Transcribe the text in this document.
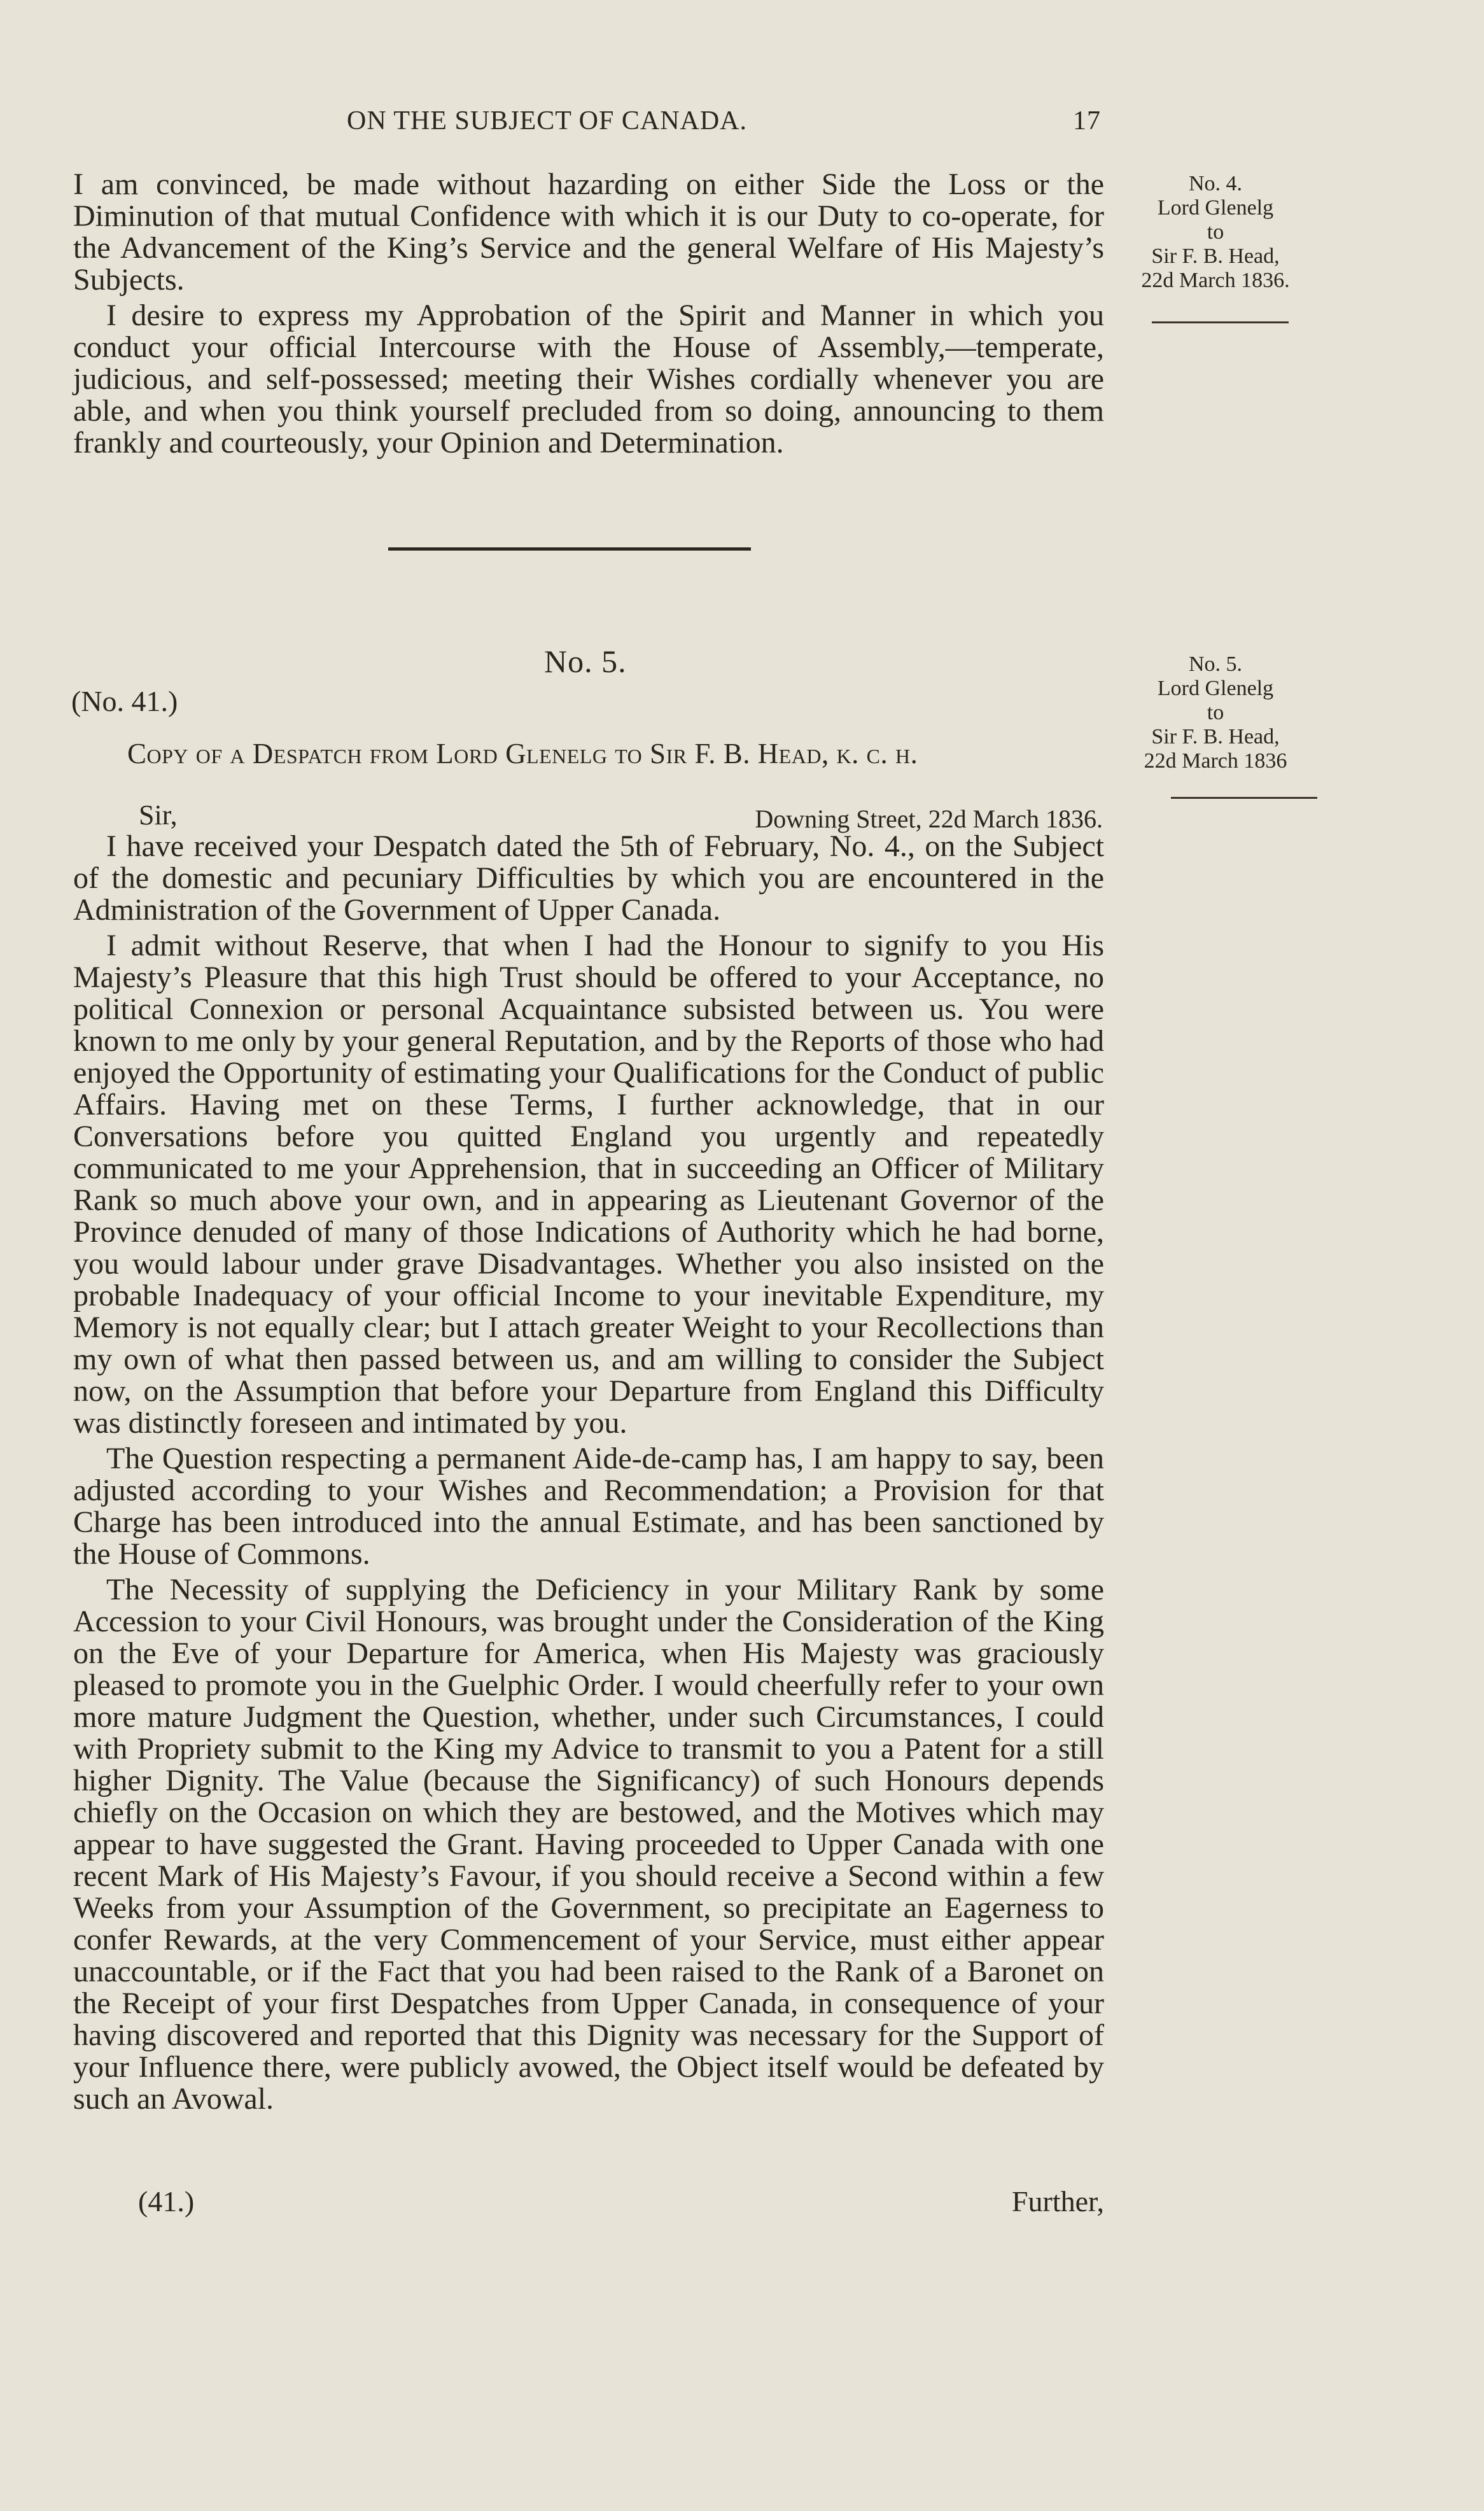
ON THE SUBJECT OF CANADA.	17

I am convinced, be made without hazarding on either Side the Loss or the Diminution of that mutual Confidence with which it is our Duty to co-operate, for the Advancement of the King’s Service and the general Welfare of His Majesty’s Subjects.

I desire to express my Approbation of the Spirit and Manner in which you conduct your official Intercourse with the House of Assembly,—temperate, judicious, and self-possessed; meeting their Wishes cordially whenever you are able, and when you think yourself precluded from so doing, announcing to them frankly and courteously, your Opinion and Determination.

No. 4.
Lord Glenelg
to
Sir F. B. Head,
22d March 1836.
No. 5.
(No. 41.)
Copy of a Despatch from Lord Glenelg to Sir F. B. Head, k. c. h.
No. 5.
Lord Glenelg
to
Sir F. B. Head,
22d March 1836
Sir,	Downing Street, 22d March 1836.

I have received your Despatch dated the 5th of February, No. 4., on the Subject of the domestic and pecuniary Difficulties by which you are encountered in the Administration of the Government of Upper Canada.

I admit without Reserve, that when I had the Honour to signify to you His Majesty’s Pleasure that this high Trust should be offered to your Acceptance, no political Connexion or personal Acquaintance subsisted between us. You were known to me only by your general Reputation, and by the Reports of those who had enjoyed the Opportunity of estimating your Qualifications for the Conduct of public Affairs. Having met on these Terms, I further acknowledge, that in our Conversations before you quitted England you urgently and repeatedly communicated to me your Apprehension, that in succeeding an Officer of Military Rank so much above your own, and in appearing as Lieutenant Governor of the Province denuded of many of those Indications of Authority which he had borne, you would labour under grave Disadvantages. Whether you also insisted on the probable Inadequacy of your official Income to your inevitable Expenditure, my Memory is not equally clear; but I attach greater Weight to your Recollections than my own of what then passed between us, and am willing to consider the Subject now, on the Assumption that before your Departure from England this Difficulty was distinctly foreseen and intimated by you.

The Question respecting a permanent Aide-de-camp has, I am happy to say, been adjusted according to your Wishes and Recommendation; a Provision for that Charge has been introduced into the annual Estimate, and has been sanctioned by the House of Commons.

The Necessity of supplying the Deficiency in your Military Rank by some Accession to your Civil Honours, was brought under the Consideration of the King on the Eve of your Departure for America, when His Majesty was graciously pleased to promote you in the Guelphic Order. I would cheerfully refer to your own more mature Judgment the Question, whether, under such Circumstances, I could with Propriety submit to the King my Advice to transmit to you a Patent for a still higher Dignity. The Value (because the Significancy) of such Honours depends chiefly on the Occasion on which they are bestowed, and the Motives which may appear to have suggested the Grant. Having proceeded to Upper Canada with one recent Mark of His Majesty’s Favour, if you should receive a Second within a few Weeks from your Assumption of the Government, so precipitate an Eagerness to confer Rewards, at the very Commencement of your Service, must either appear unaccountable, or if the Fact that you had been raised to the Rank of a Baronet on the Receipt of your first Despatches from Upper Canada, in consequence of your having discovered and reported that this Dignity was necessary for the Support of your Influence there, were publicly avowed, the Object itself would be defeated by such an Avowal.

(41.)	Further,
